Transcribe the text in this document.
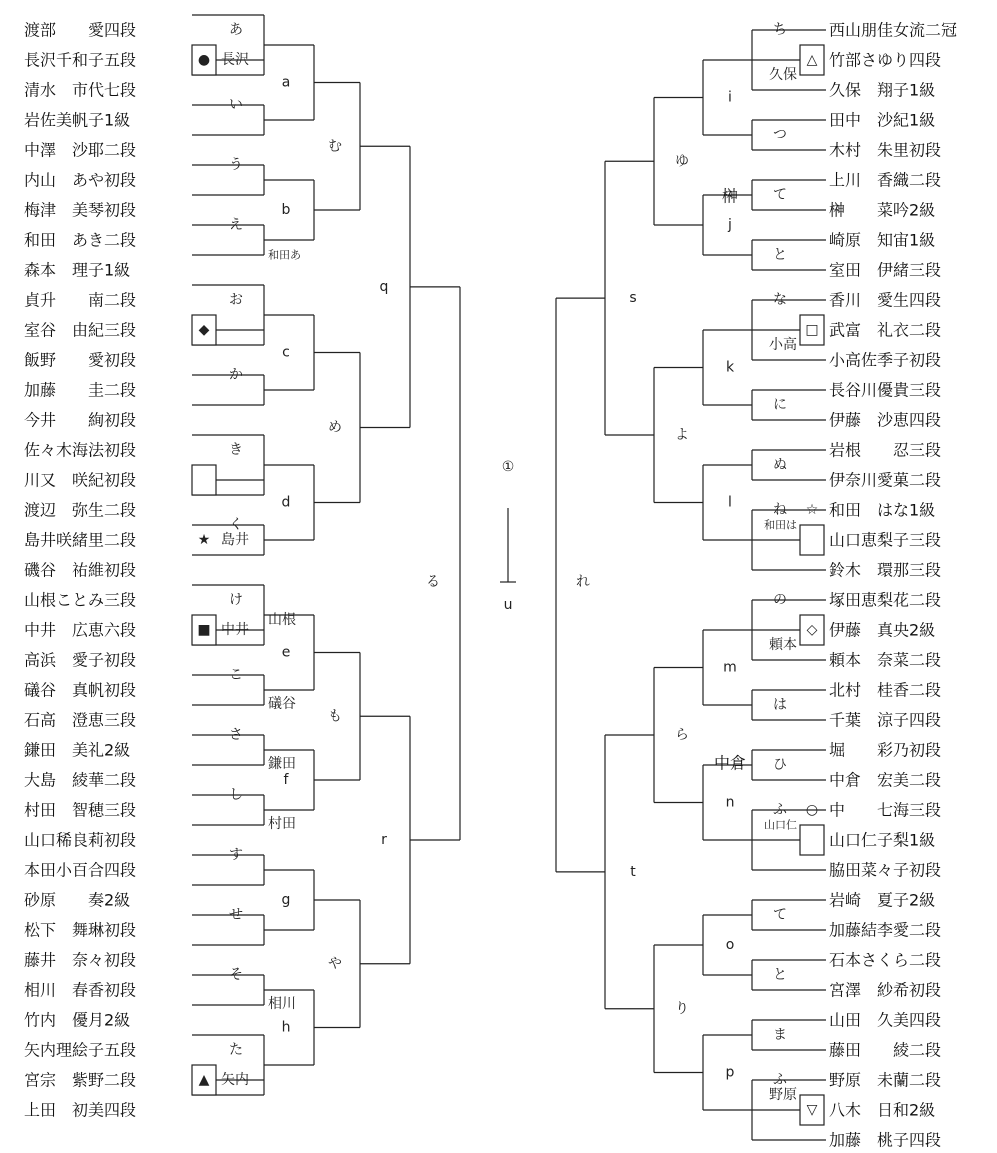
渡部　　愛四段
長沢千和子五段
清水　市代七段
岩佐美帆子1級
中澤　沙耶二段
内山　あや初段
梅津　美琴初段
和田　あき二段
森本　理子1級
貞升　　南二段
室谷　由紀三段
飯野　　愛初段
加藤　　圭二段
今井　　絢初段
佐々木海法初段
川又　咲紀初段
渡辺　弥生二段
島井咲緒里二段
磯谷　祐維初段
山根ことみ三段
中井　広恵六段
高浜　愛子初段
礒谷　真帆初段
石高　澄恵三段
鎌田　美礼2級
大島　綾華二段
村田　智穂三段
山口稀良莉初段
本田小百合四段
砂原　　奏2級
松下　舞琳初段
藤井　奈々初段
相川　春香初段
竹内　優月2級
矢内理絵子五段
宮宗　紫野二段
上田　初美四段
あ
い
う
え
お
か
き
く
け
こ
さ
し
す
せ
そ
た
●
◆
★
■
▲
長沢
島井
中井
矢内
a
b
c
d
e
f
g
h
和田あ
山根
礒谷
鎌田
村田
相川
む
め
も
や
q
r
る
西山朋佳女流二冠
竹部さゆり四段
久保　翔子1級
田中　沙紀1級
木村　朱里初段
上川　香織二段
榊　　菜吟2級
崎原　知宙1級
室田　伊緒三段
香川　愛生四段
武富　礼衣二段
小高佐季子初段
長谷川優貴三段
伊藤　沙恵四段
岩根　　忍三段
伊奈川愛菓二段
和田　はな1級
山口恵梨子三段
鈴木　環那三段
塚田恵梨花二段
伊藤　真央2級
頼本　奈菜二段
北村　桂香二段
千葉　涼子四段
堀　　彩乃初段
中倉　宏美二段
中　　七海三段
山口仁子梨1級
脇田菜々子初段
岩崎　夏子2級
加藤結李愛二段
石本さくら二段
宮澤　紗希初段
山田　久美四段
藤田　　綾二段
野原　未蘭二段
八木　日和2級
加藤　桃子四段
ち
つ
て
と
な
に
ぬ
ね
の
は
ひ
ふ
て
と
ま
ふ
△
□
☆
◇
○
▽
久保
小高
和田は
頼本
山口仁
野原
i
j
k
l
m
n
o
p
榊
中倉
ゆ
よ
ら
り
s
t
れ
①
u
